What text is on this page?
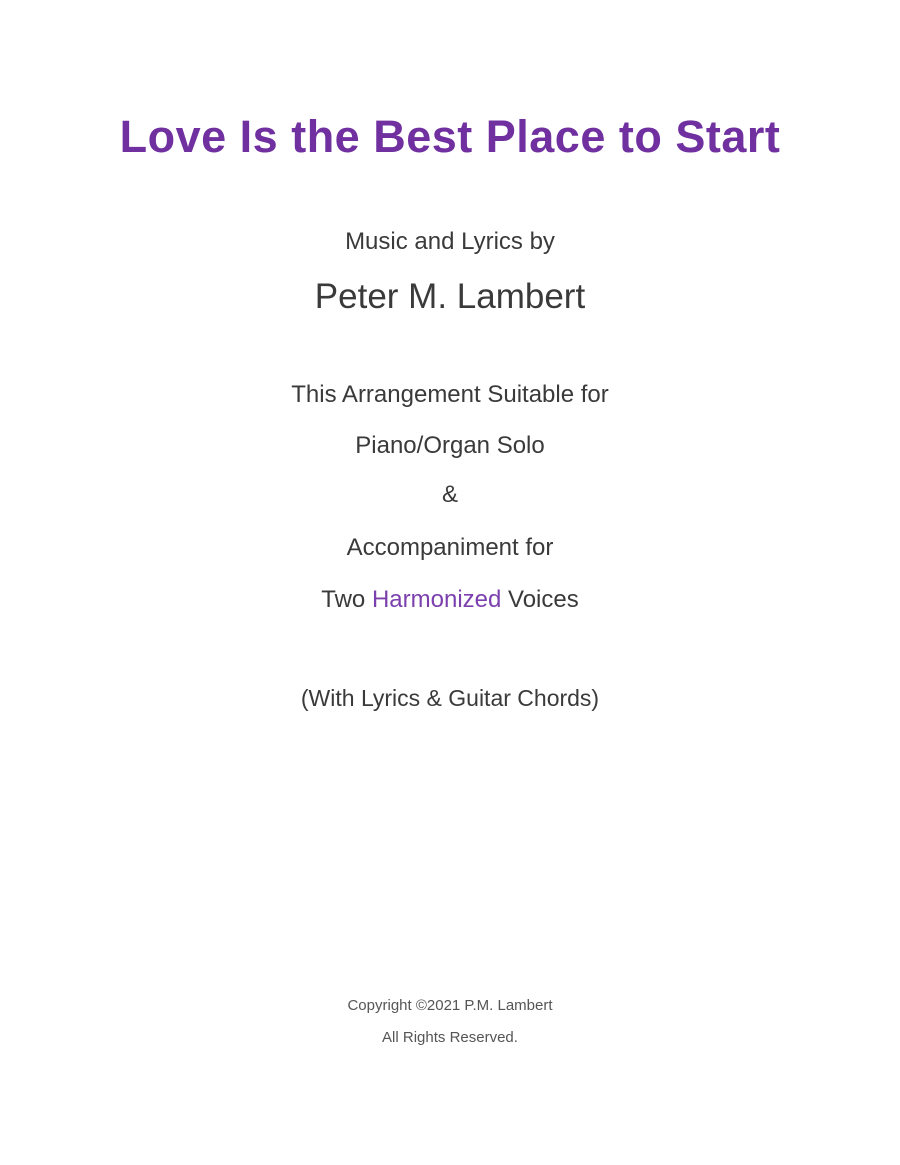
Love Is the Best Place to Start
Music and Lyrics by
Peter M. Lambert
This Arrangement Suitable for
Piano/Organ Solo
&
Accompaniment for
Two Harmonized Voices
(With Lyrics & Guitar Chords)
Copyright ©2021 P.M. Lambert
All Rights Reserved.
